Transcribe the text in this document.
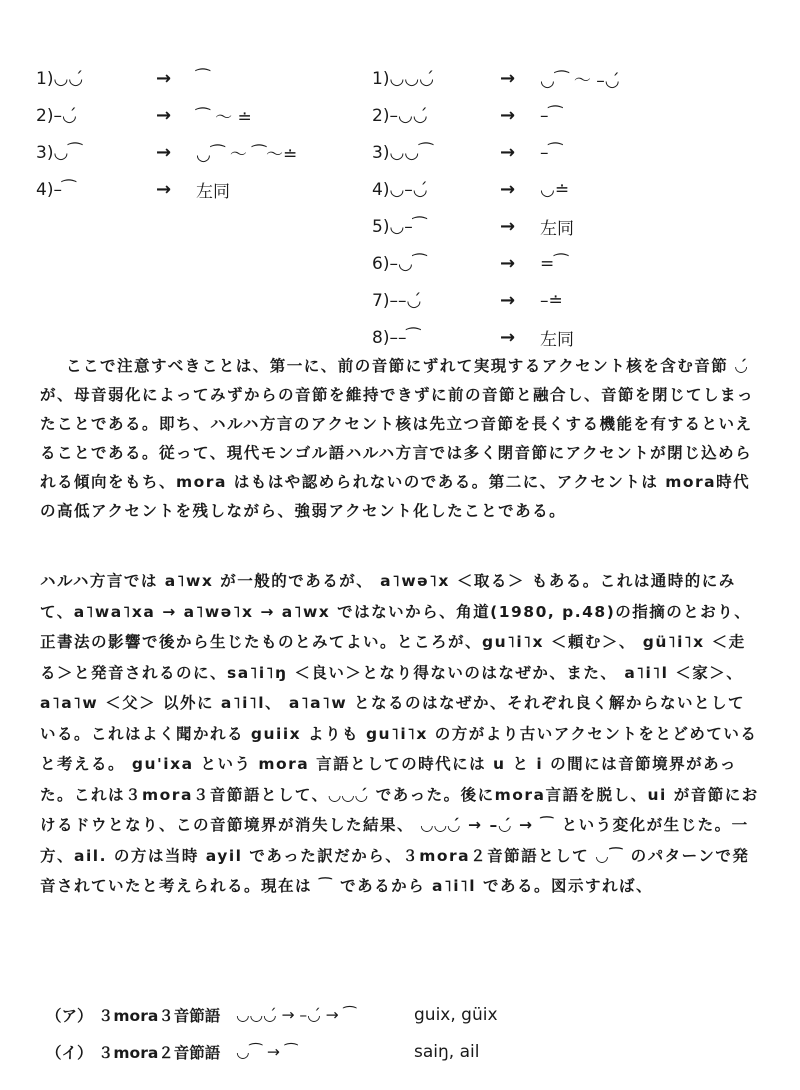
1)◡◡́	→	⁀
2)–◡́	→	⁀ ～ ≐
3)◡⁀	→	◡⁀ ～ ⁀～≐
4)–⁀	→	左同
1)◡◡◡́	→	◡⁀ ～ –◡́
2)–◡◡́	→	–⁀
3)◡◡⁀	→	–⁀
4)◡–◡́	→	◡≐
5)◡–⁀	→	左同
6)–◡⁀	→	=⁀
7)––◡́	→	–≐
8)––⁀	→	左同

ここで注意すべきことは、第一に、前の音節にずれて実現するアクセント核を含む音節 ◡́ が、母音弱化によってみずからの音節を維持できずに前の音節と融合し、音節を閉じてしまったことである。即ち、ハルハ方言のアクセント核は先立つ音節を長くする機能を有するといえることである。従って、現代モンゴル語ハルハ方言では多く閉音節にアクセントが閉じ込められる傾向をもち、mora はもはや認められないのである。第二に、アクセントは mora時代の高低アクセントを残しながら、強弱アクセント化したことである。

ハルハ方言では a˥wx が一般的であるが、 a˥wə˥x ＜取る＞ もある。これは通時的にみて、a˥wa˥xa → a˥wə˥x → a˥wx ではないから、角道(1980, p.48)の指摘のとおり、正書法の影響で後から生じたものとみてよい。ところが、gu˥i˥x ＜頼む＞、 gü˥i˥x ＜走る＞と発音されるのに、sa˥i˥ŋ ＜良い＞となり得ないのはなぜか、また、 a˥i˥l ＜家＞、 a˥a˥w ＜父＞ 以外に a˥i˥l、 a˥a˥w となるのはなぜか、それぞれ良く解からないとしている。これはよく聞かれる guiix よりも gu˥i˥x の方がより古いアクセントをとどめていると考える。 gu'ixa という mora 言語としての時代には u と i の間には音節境界があった。これは３mora３音節語として、◡◡◡́ であった。後にmora言語を脱し、ui が音節におけるドウとなり、この音節境界が消失した結果、 ◡◡◡́ → –◡́ → ⁀ という変化が生じた。一方、ail. の方は当時 ayil であった訳だから、３mora２音節語として ◡⁀ のパターンで発音されていたと考えられる。現在は ⁀ であるから a˥i˥l である。図示すれば、

（ア） ３mora３音節語	◡◡◡́ → –◡́ → ⁀	guix, güix
（イ） ３mora２音節語	◡⁀ → ⁀	saiŋ, ail
